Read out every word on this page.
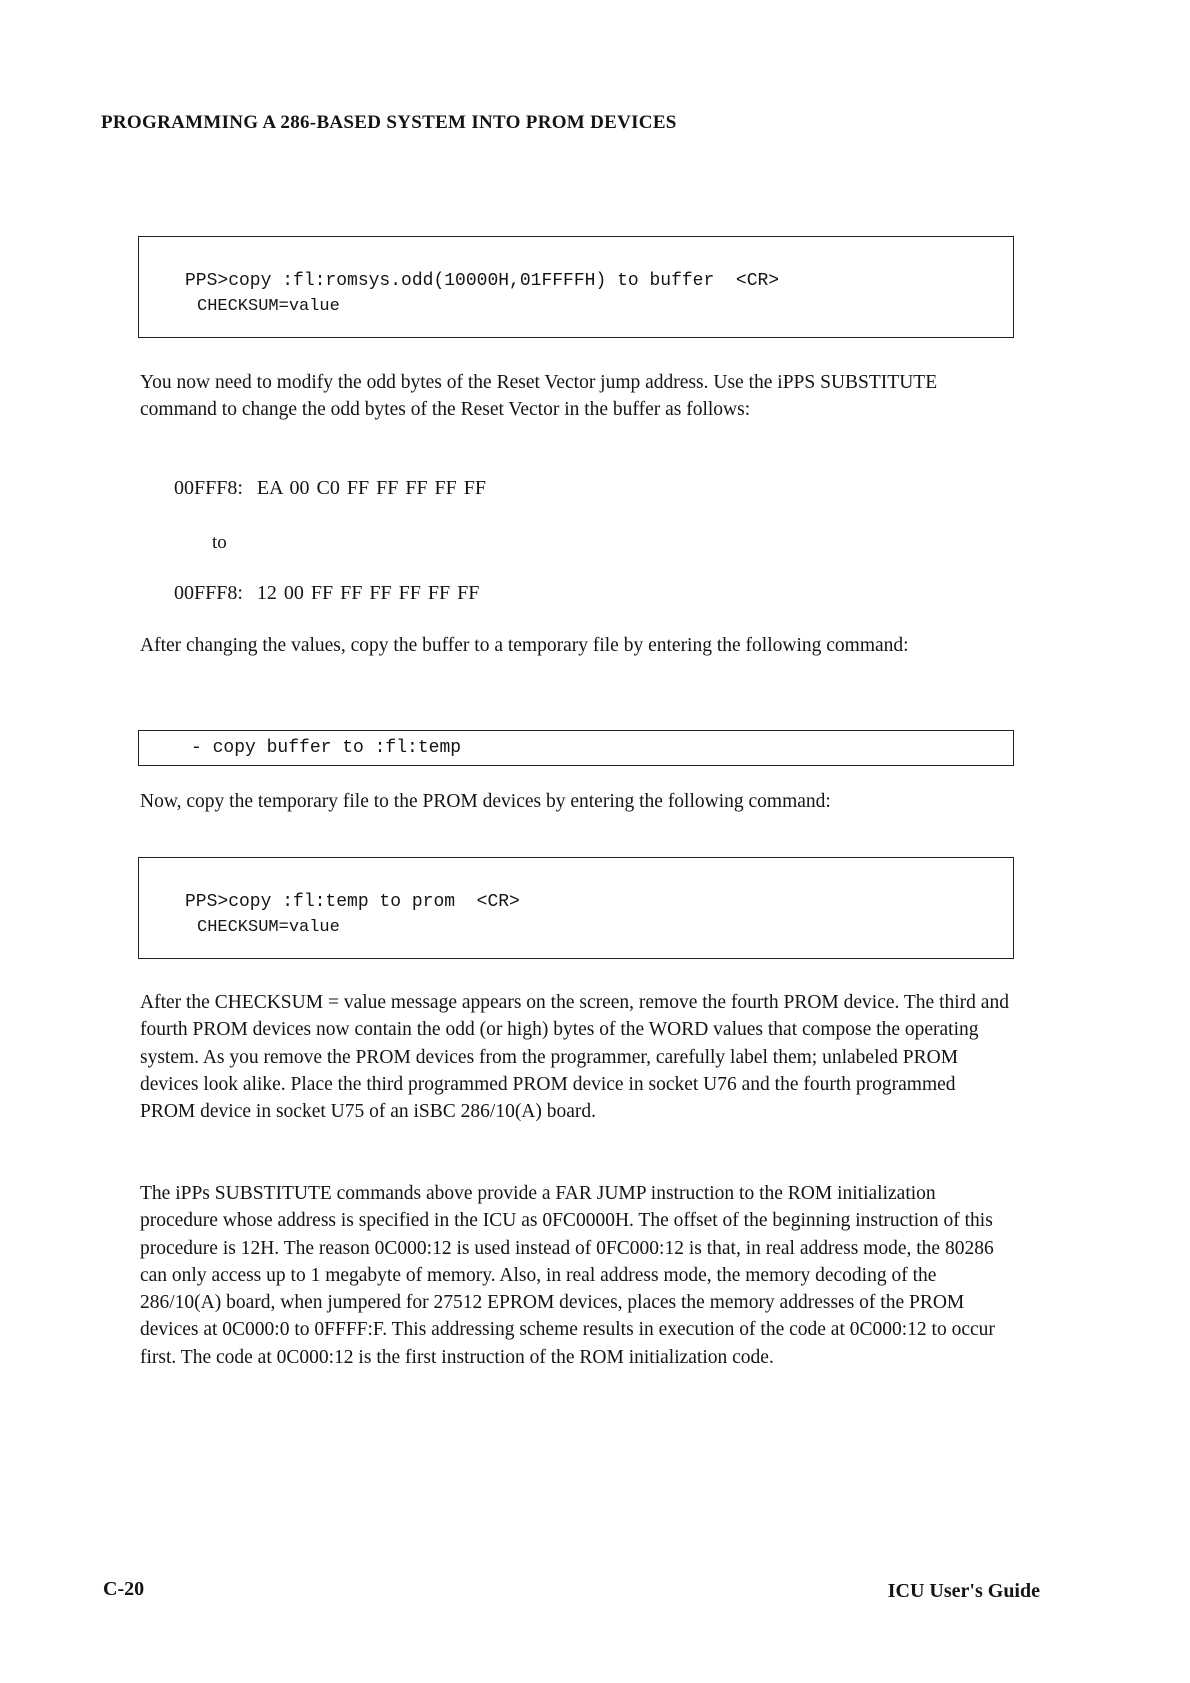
PROGRAMMING A 286-BASED SYSTEM INTO PROM DEVICES
PPS>copy :fl:romsys.odd(10000H,01FFFFH) to buffer  <CR>
CHECKSUM=value
You now need to modify the odd bytes of the Reset Vector jump address. Use the iPPS SUBSTITUTE command to change the odd bytes of the Reset Vector in the buffer as follows:
00FFF8:  EA 00 C0 FF FF FF FF FF
to
00FFF8:  12 00 FF FF FF FF FF FF
After changing the values, copy the buffer to a temporary file by entering the following command:
- copy buffer to :fl:temp
Now, copy the temporary file to the PROM devices by entering the following command:
PPS>copy :fl:temp to prom  <CR>
CHECKSUM=value
After the CHECKSUM = value message appears on the screen, remove the fourth PROM device. The third and fourth PROM devices now contain the odd (or high) bytes of the WORD values that compose the operating system. As you remove the PROM devices from the programmer, carefully label them; unlabeled PROM devices look alike. Place the third programmed PROM device in socket U76 and the fourth programmed PROM device in socket U75 of an iSBC 286/10(A) board.
The iPPs SUBSTITUTE commands above provide a FAR JUMP instruction to the ROM initialization procedure whose address is specified in the ICU as 0FC0000H. The offset of the beginning instruction of this procedure is 12H. The reason 0C000:12 is used instead of 0FC000:12 is that, in real address mode, the 80286 can only access up to 1 megabyte of memory. Also, in real address mode, the memory decoding of the 286/10(A) board, when jumpered for 27512 EPROM devices, places the memory addresses of the PROM devices at 0C000:0 to 0FFFF:F. This addressing scheme results in execution of the code at 0C000:12 to occur first. The code at 0C000:12 is the first instruction of the ROM initialization code.
C-20	ICU User's Guide
